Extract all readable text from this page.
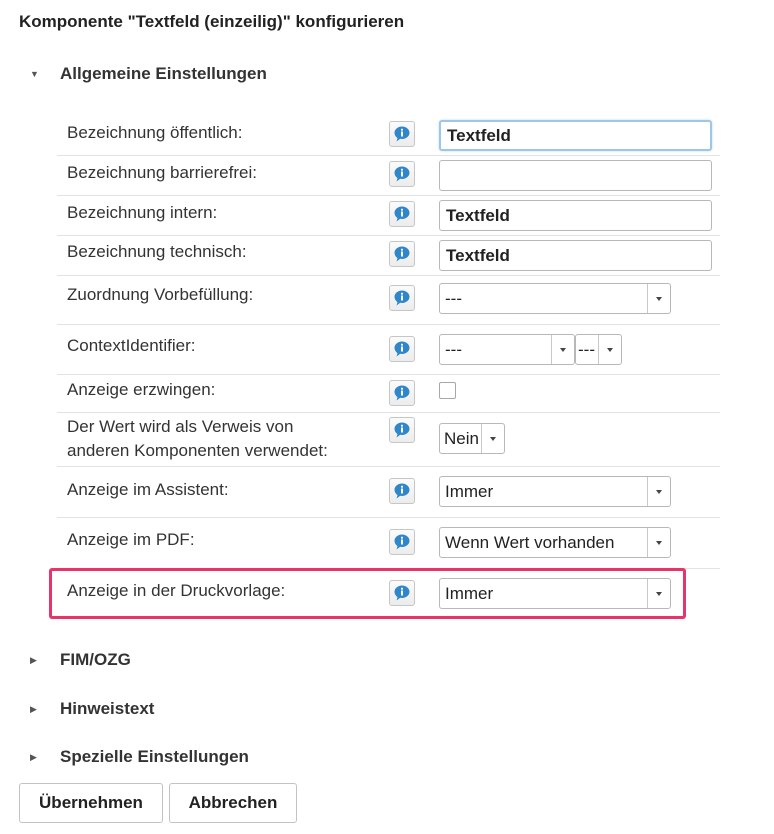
Komponente "Textfeld (einzeilig)" konfigurieren
▼	Allgemeine Einstellungen
Bezeichnung öffentlich:
Textfeld
Bezeichnung barrierefrei:
Bezeichnung intern:
Textfeld
Bezeichnung technisch:
Textfeld
Zuordnung Vorbefüllung:	---
ContextIdentifier:	---	---
Anzeige erzwingen:
Der Wert wird als Verweis von
anderen Komponenten verwendet:
Nein
Anzeige im Assistent:	Immer
Anzeige im PDF:	Wenn Wert vorhanden
Anzeige in der Druckvorlage:	Immer
▶	FIM/OZG
▶	Hinweistext
▶	Spezielle Einstellungen
Übernehmen	Abbrechen
